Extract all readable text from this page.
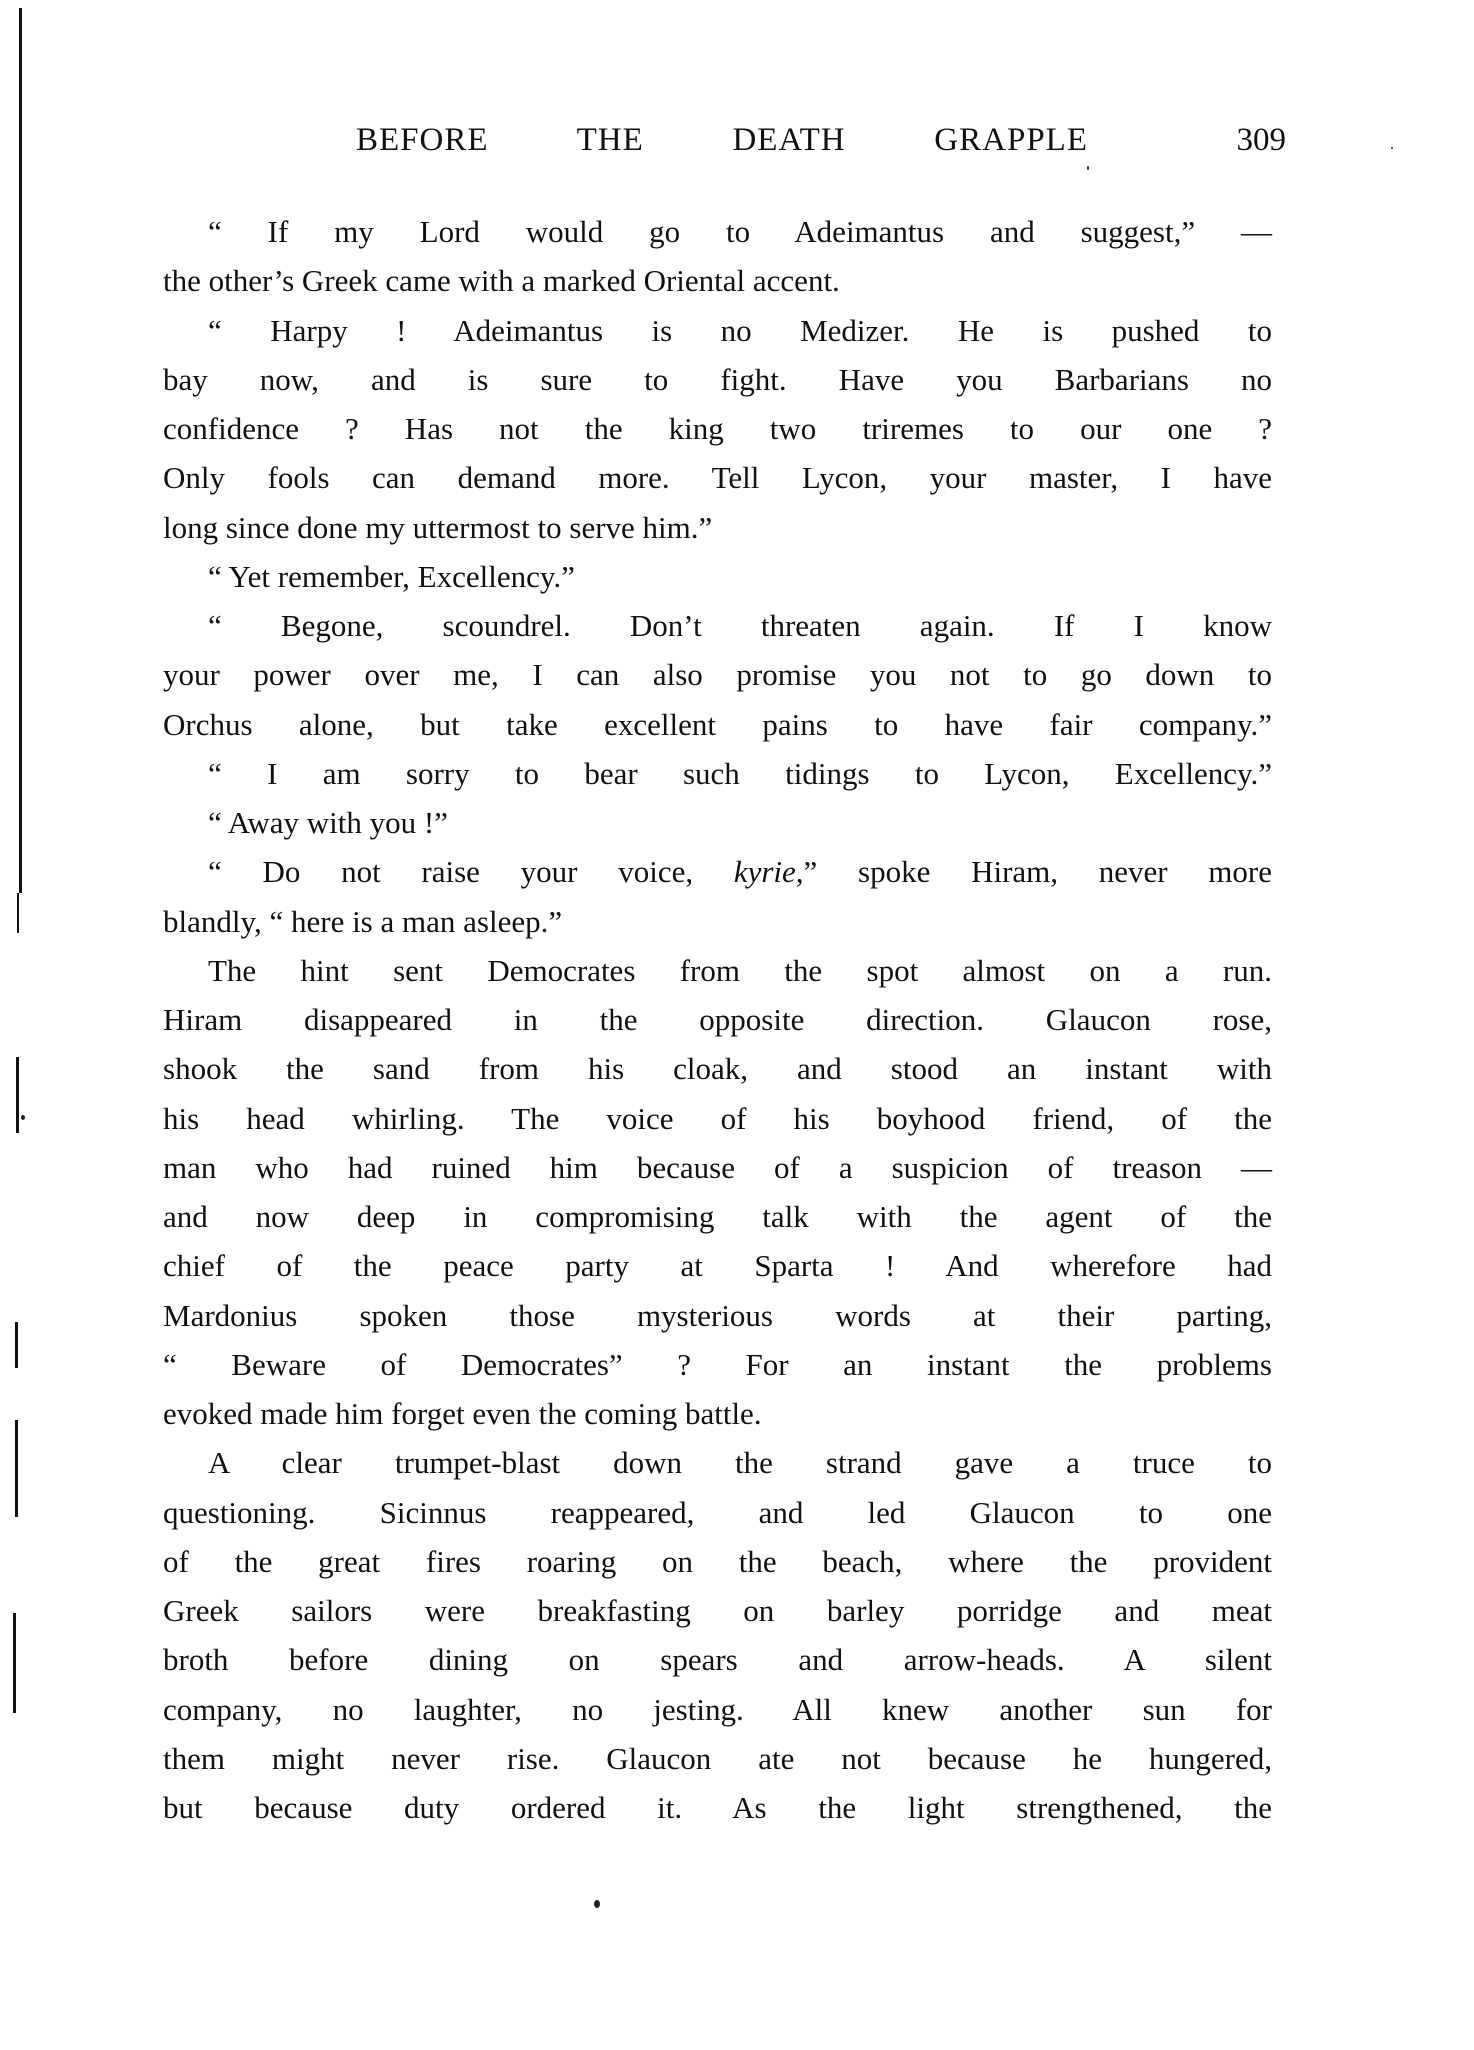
BEFORE THE DEATH GRAPPLE	309
“ If my Lord would go to Adeimantus and suggest,” —
the other’s Greek came with a marked Oriental accent.
“ Harpy ! Adeimantus is no Medizer. He is pushed to
bay now, and is sure to fight. Have you Barbarians no
confidence ? Has not the king two triremes to our one ?
Only fools can demand more. Tell Lycon, your master, I have
long since done my uttermost to serve him.”
“ Yet remember, Excellency.”
“ Begone, scoundrel. Don’t threaten again. If I know
your power over me, I can also promise you not to go down to
Orchus alone, but take excellent pains to have fair company.”
“ I am sorry to bear such tidings to Lycon, Excellency.”
“ Away with you !”
“ Do not raise your voice, kyrie,” spoke Hiram, never more
blandly, “ here is a man asleep.”
The hint sent Democrates from the spot almost on a run.
Hiram disappeared in the opposite direction. Glaucon rose,
shook the sand from his cloak, and stood an instant with
his head whirling. The voice of his boyhood friend, of the
man who had ruined him because of a suspicion of treason —
and now deep in compromising talk with the agent of the
chief of the peace party at Sparta ! And wherefore had
Mardonius spoken those mysterious words at their parting,
“ Beware of Democrates” ? For an instant the problems
evoked made him forget even the coming battle.
A clear trumpet-blast down the strand gave a truce to
questioning. Sicinnus reappeared, and led Glaucon to one
of the great fires roaring on the beach, where the provident
Greek sailors were breakfasting on barley porridge and meat
broth before dining on spears and arrow-heads. A silent
company, no laughter, no jesting. All knew another sun for
them might never rise. Glaucon ate not because he hungered,
but because duty ordered it. As the light strengthened, the
